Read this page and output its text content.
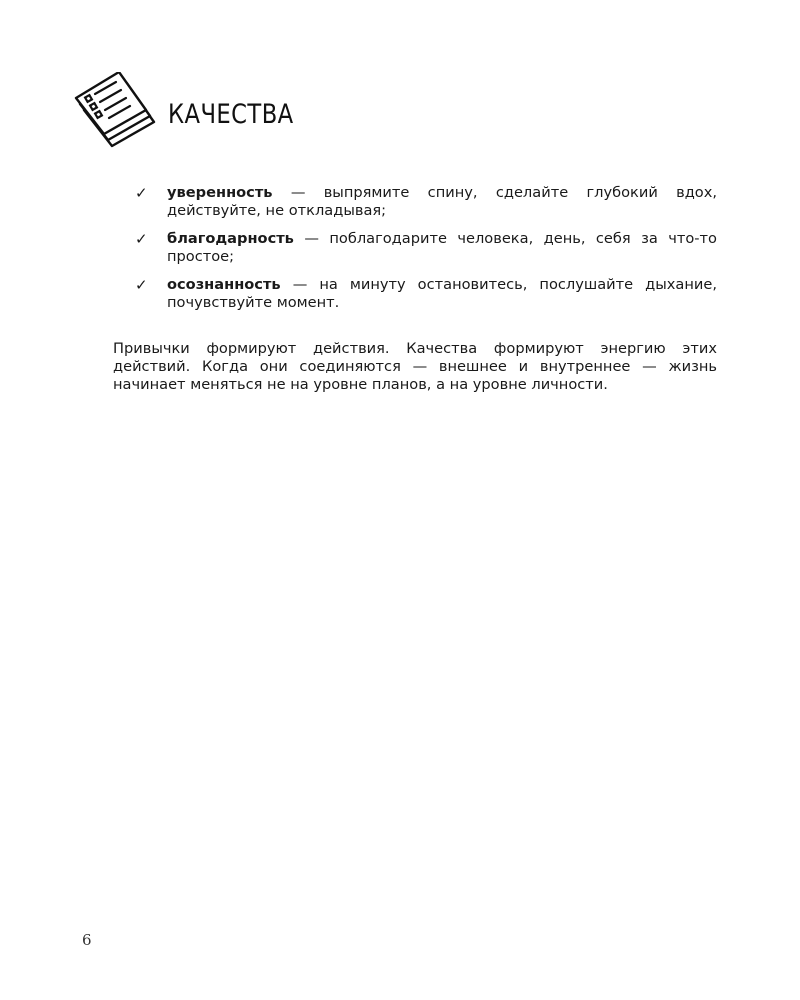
КАЧЕСТВА
✓ уверенность — выпрямите спину, сделайте глубокий вдох, действуйте, не откладывая;
✓ благодарность — поблагодарите человека, день, себя за что-то простое;
✓ осознанность — на минуту остановитесь, послушайте дыхание, почувствуйте момент.

Привычки формируют действия. Качества формируют энергию этих действий. Когда они соединяются — внешнее и внутреннее — жизнь начинает меняться не на уровне планов, а на уровне личности.

6
